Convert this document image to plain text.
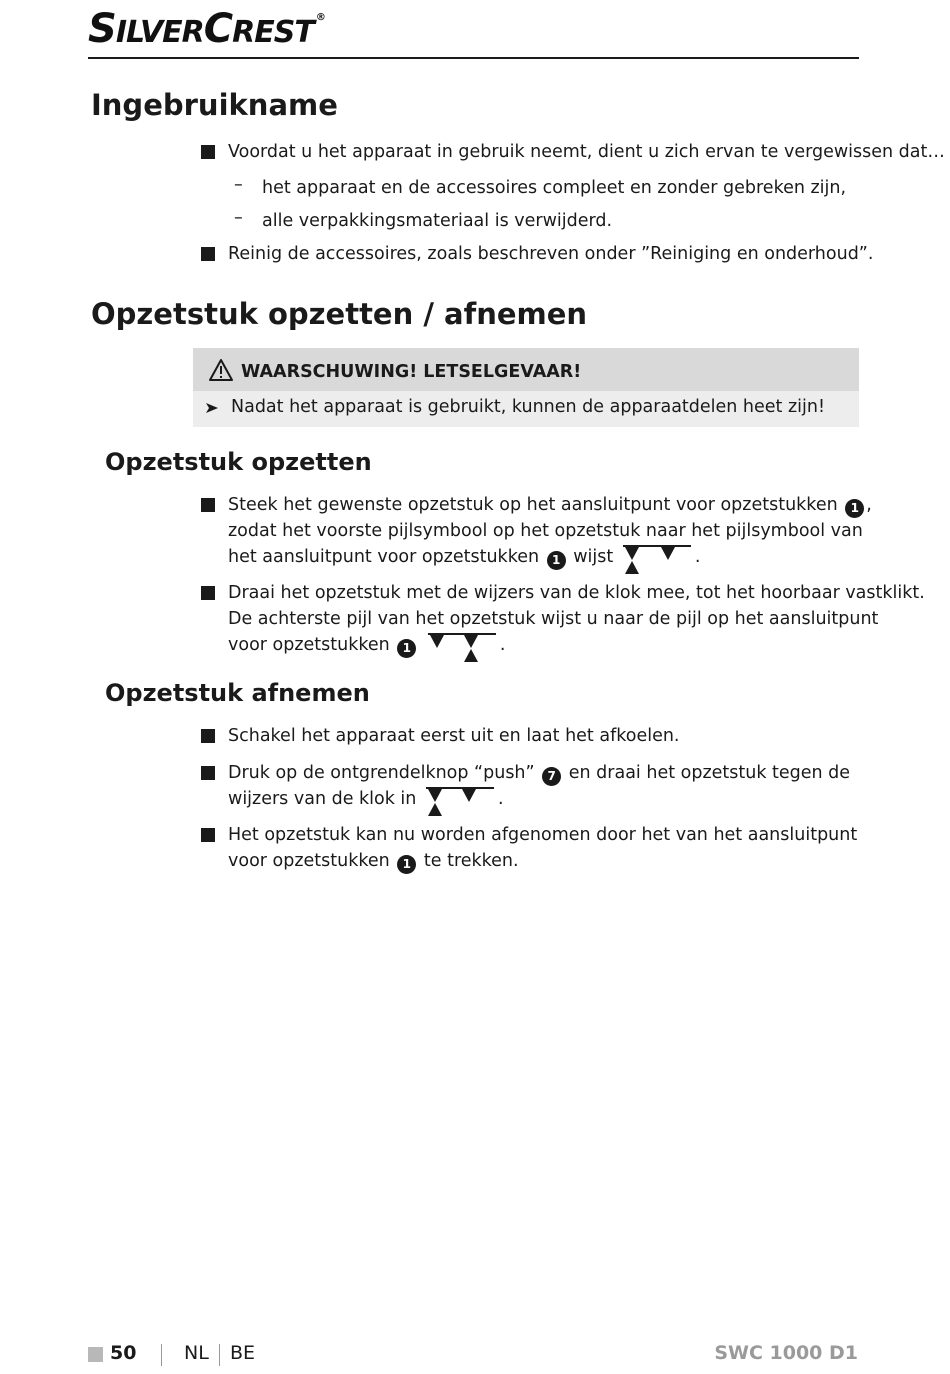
SILVERCREST ®
Ingebruikname
Voordat u het apparaat in gebruik neemt, dient u zich ervan te vergewissen dat…
– het apparaat en de accessoires compleet en zonder gebreken zijn,
– alle verpakkingsmateriaal is verwijderd.
Reinig de accessoires, zoals beschreven onder ”Reiniging en onderhoud”.
Opzetstuk opzetten / afnemen
WAARSCHUWING! LETSELGEVAAR!
Nadat het apparaat is gebruikt, kunnen de apparaatdelen heet zijn!
Opzetstuk opzetten
Steek het gewenste opzetstuk op het aansluitpunt voor opzetstukken 1 ,
zodat het voorste pijlsymbool op het opzetstuk naar het pijlsymbool van
het aansluitpunt voor opzetstukken 1 wijst	.
Draai het opzetstuk met de wijzers van de klok mee, tot het hoorbaar vastklikt.
De achterste pijl van het opzetstuk wijst u naar de pijl op het aansluitpunt
voor opzetstukken 1	.
Opzetstuk afnemen
Schakel het apparaat eerst uit en laat het afkoelen.
Druk op de ontgrendelknop “push” 7 en draai het opzetstuk tegen de
wijzers van de klok in	.
Het opzetstuk kan nu worden afgenomen door het van het aansluitpunt
voor opzetstukken 1 te trekken.
50	NL BE	SWC 1000 D1
